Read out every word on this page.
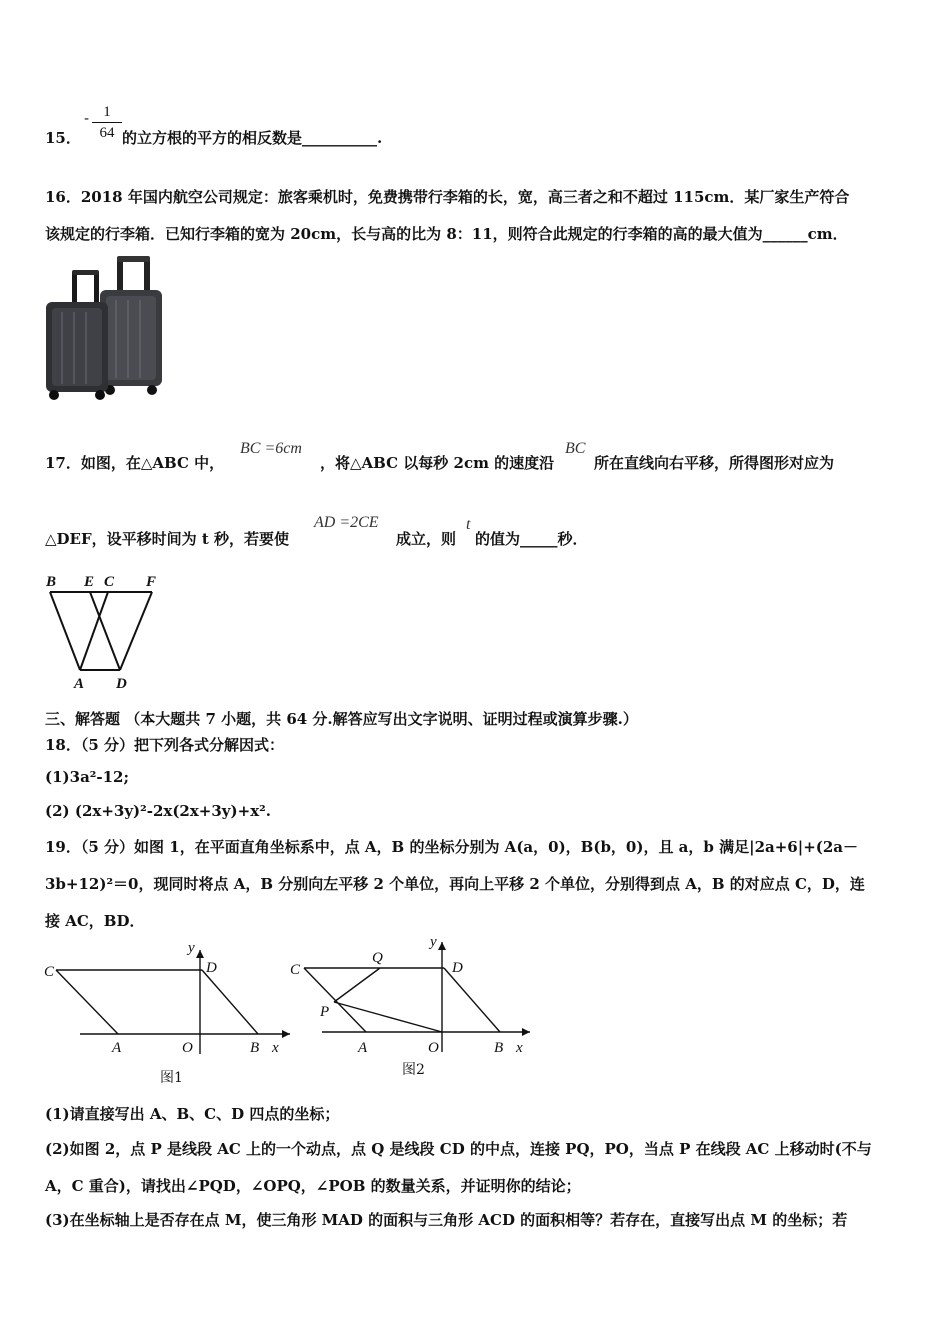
15．
- $\frac{1}{64}$ 的立方根的平方的相反数是__________.
16．2018 年国内航空公司规定：旅客乘机时，免费携带行李箱的长，宽，高三者之和不超过 115cm．某厂家生产符合
该规定的行李箱．已知行李箱的宽为 20cm，长与高的比为 8：11，则符合此规定的行李箱的高的最大值为______cm．
17．如图，在△ABC 中，
BC =6cm
，将△ABC 以每秒 2cm 的速度沿
BC
所在直线向右平移，所得图形对应为
△DEF，设平移时间为 t 秒，若要使
AD =2CE
成立，则
t
的值为_____秒．
B E C F
A D
三、解答题 （本大题共 7 小题，共 64 分.解答应写出文字说明、证明过程或演算步骤.）
18．（5 分）把下列各式分解因式：
(1)3a²-12;
(2) (2x+3y)²-2x(2x+3y)+x².
19．（5 分）如图 1，在平面直角坐标系中，点 A，B 的坐标分别为 A(a，0)，B(b，0)，且 a，b 满足|2a+6|+(2a－
3b+12)²＝0，现同时将点 A，B 分别向左平移 2 个单位，再向上平移 2 个单位，分别得到点 A，B 的对应点 C，D，连
接 AC，BD．
C	D
A	O	B x
y
图1
C
Q
D
P
A	O	B x
y
图2
(1)请直接写出 A、B、C、D 四点的坐标；
(2)如图 2，点 P 是线段 AC 上的一个动点，点 Q 是线段 CD 的中点，连接 PQ，PO，当点 P 在线段 AC 上移动时(不与
A，C 重合)，请找出∠PQD，∠OPQ，∠POB 的数量关系，并证明你的结论；
(3)在坐标轴上是否存在点 M，使三角形 MAD 的面积与三角形 ACD 的面积相等？若存在，直接写出点 M 的坐标；若
